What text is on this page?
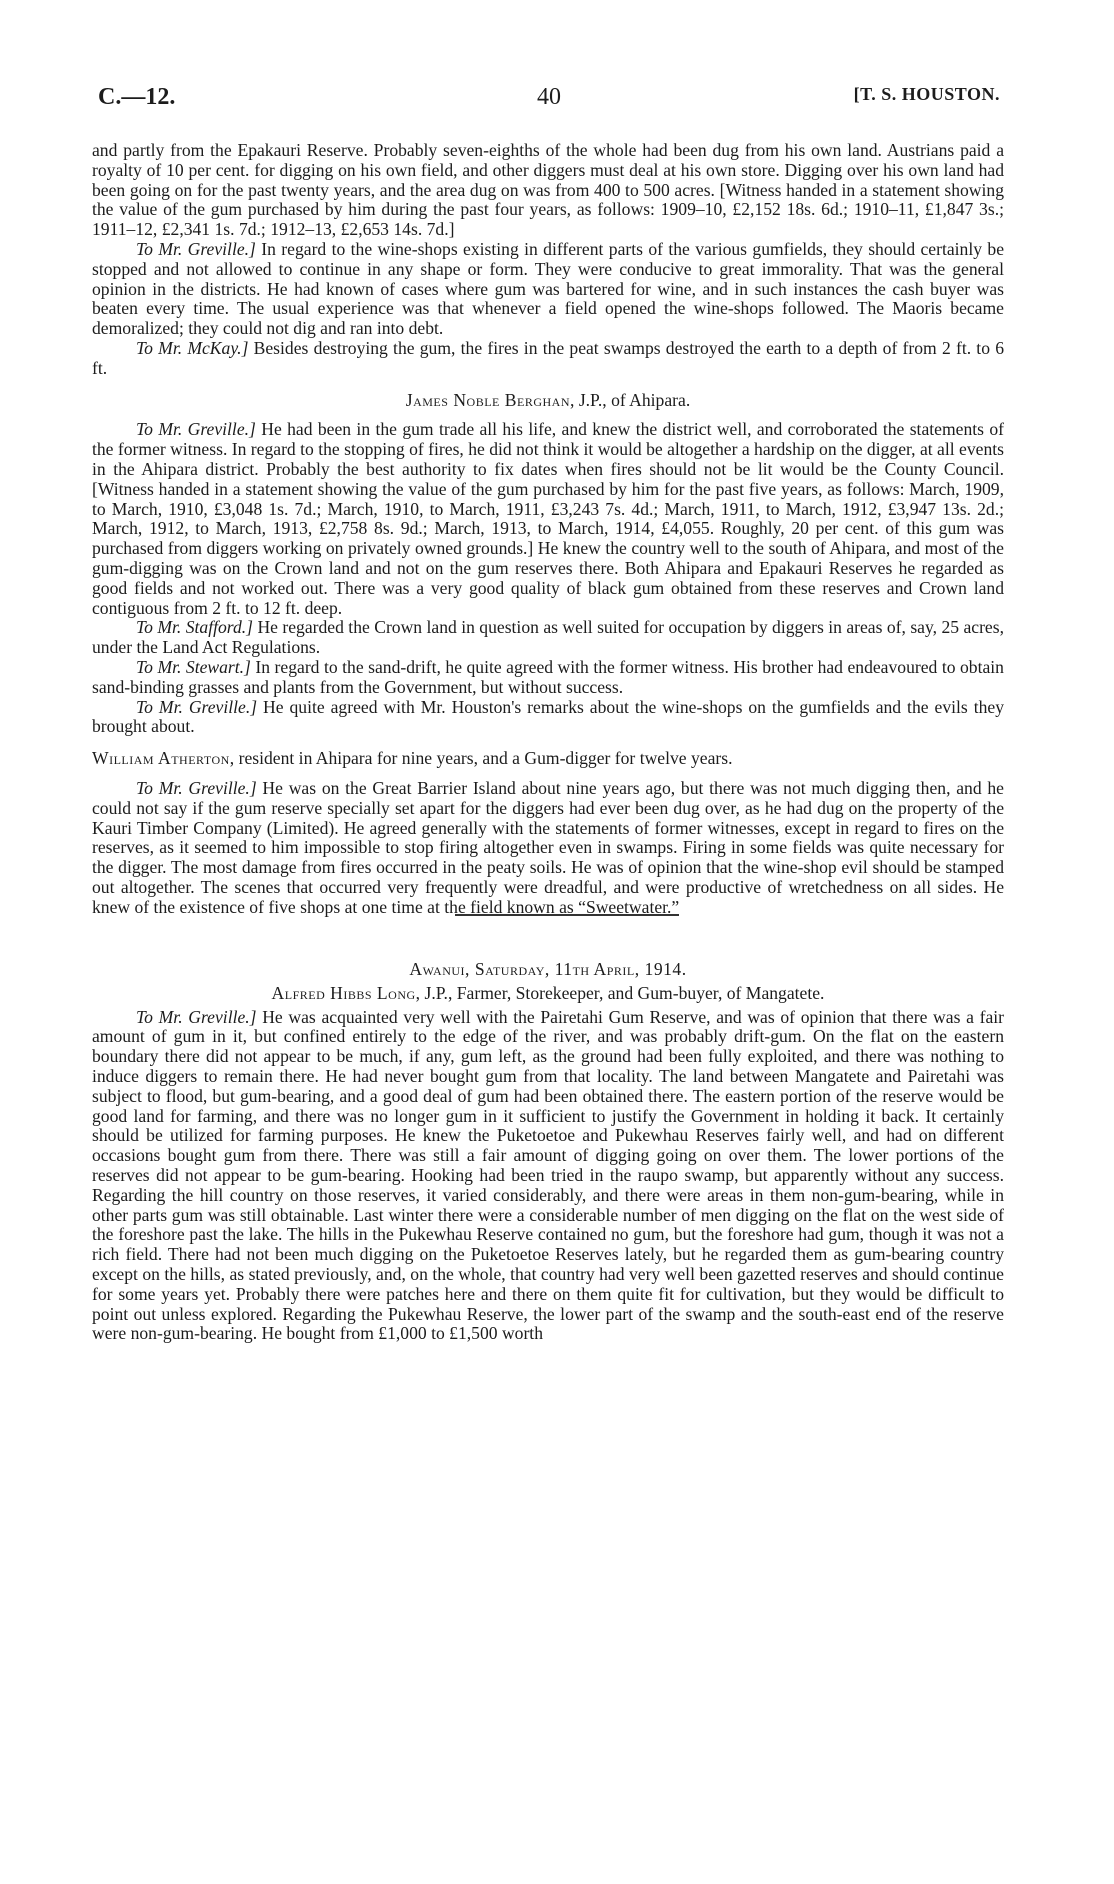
C.—12.	40	[T. S. HOUSTON.

and partly from the Epakauri Reserve. Probably seven-eighths of the whole had been dug from his own land. Austrians paid a royalty of 10 per cent. for digging on his own field, and other diggers must deal at his own store. Digging over his own land had been going on for the past twenty years, and the area dug on was from 400 to 500 acres. [Witness handed in a statement showing the value of the gum purchased by him during the past four years, as follows: 1909–10, £2,152 18s. 6d.; 1910–11, £1,847 3s.; 1911–12, £2,341 1s. 7d.; 1912–13, £2,653 14s. 7d.]

To Mr. Greville.] In regard to the wine-shops existing in different parts of the various gumfields, they should certainly be stopped and not allowed to continue in any shape or form. They were conducive to great immorality. That was the general opinion in the districts. He had known of cases where gum was bartered for wine, and in such instances the cash buyer was beaten every time. The usual experience was that whenever a field opened the wine-shops followed. The Maoris became demoralized; they could not dig and ran into debt.

To Mr. McKay.] Besides destroying the gum, the fires in the peat swamps destroyed the earth to a depth of from 2 ft. to 6 ft.

James Noble Berghan, J.P., of Ahipara.

To Mr. Greville.] He had been in the gum trade all his life, and knew the district well, and corroborated the statements of the former witness. In regard to the stopping of fires, he did not think it would be altogether a hardship on the digger, at all events in the Ahipara district. Probably the best authority to fix dates when fires should not be lit would be the County Council. [Witness handed in a statement showing the value of the gum purchased by him for the past five years, as follows: March, 1909, to March, 1910, £3,048 1s. 7d.; March, 1910, to March, 1911, £3,243 7s. 4d.; March, 1911, to March, 1912, £3,947 13s. 2d.; March, 1912, to March, 1913, £2,758 8s. 9d.; March, 1913, to March, 1914, £4,055. Roughly, 20 per cent. of this gum was purchased from diggers working on privately owned grounds.] He knew the country well to the south of Ahipara, and most of the gum-digging was on the Crown land and not on the gum reserves there. Both Ahipara and Epakauri Reserves he regarded as good fields and not worked out. There was a very good quality of black gum obtained from these reserves and Crown land contiguous from 2 ft. to 12 ft. deep.

To Mr. Stafford.] He regarded the Crown land in question as well suited for occupation by diggers in areas of, say, 25 acres, under the Land Act Regulations.

To Mr. Stewart.] In regard to the sand-drift, he quite agreed with the former witness. His brother had endeavoured to obtain sand-binding grasses and plants from the Government, but without success.

To Mr. Greville.] He quite agreed with Mr. Houston's remarks about the wine-shops on the gumfields and the evils they brought about.

William Atherton, resident in Ahipara for nine years, and a Gum-digger for twelve years.

To Mr. Greville.] He was on the Great Barrier Island about nine years ago, but there was not much digging then, and he could not say if the gum reserve specially set apart for the diggers had ever been dug over, as he had dug on the property of the Kauri Timber Company (Limited). He agreed generally with the statements of former witnesses, except in regard to fires on the reserves, as it seemed to him impossible to stop firing altogether even in swamps. Firing in some fields was quite necessary for the digger. The most damage from fires occurred in the peaty soils. He was of opinion that the wine-shop evil should be stamped out altogether. The scenes that occurred very frequently were dreadful, and were productive of wretchedness on all sides. He knew of the existence of five shops at one time at the field known as “Sweetwater.”

Awanui, Saturday, 11th April, 1914.
Alfred Hibbs Long, J.P., Farmer, Storekeeper, and Gum-buyer, of Mangatete.

To Mr. Greville.] He was acquainted very well with the Pairetahi Gum Reserve, and was of opinion that there was a fair amount of gum in it, but confined entirely to the edge of the river, and was probably drift-gum. On the flat on the eastern boundary there did not appear to be much, if any, gum left, as the ground had been fully exploited, and there was nothing to induce diggers to remain there. He had never bought gum from that locality. The land between Mangatete and Pairetahi was subject to flood, but gum-bearing, and a good deal of gum had been obtained there. The eastern portion of the reserve would be good land for farming, and there was no longer gum in it sufficient to justify the Government in holding it back. It certainly should be utilized for farming purposes. He knew the Puketoetoe and Pukewhau Reserves fairly well, and had on different occasions bought gum from there. There was still a fair amount of digging going on over them. The lower portions of the reserves did not appear to be gum-bearing. Hooking had been tried in the raupo swamp, but apparently without any success. Regarding the hill country on those reserves, it varied considerably, and there were areas in them non-gum-bearing, while in other parts gum was still obtainable. Last winter there were a considerable number of men digging on the flat on the west side of the foreshore past the lake. The hills in the Pukewhau Reserve contained no gum, but the foreshore had gum, though it was not a rich field. There had not been much digging on the Puketoetoe Reserves lately, but he regarded them as gum-bearing country except on the hills, as stated previously, and, on the whole, that country had very well been gazetted reserves and should continue for some years yet. Probably there were patches here and there on them quite fit for cultivation, but they would be difficult to point out unless explored. Regarding the Pukewhau Reserve, the lower part of the swamp and the south-east end of the reserve were non-gum-bearing. He bought from £1,000 to £1,500 worth
